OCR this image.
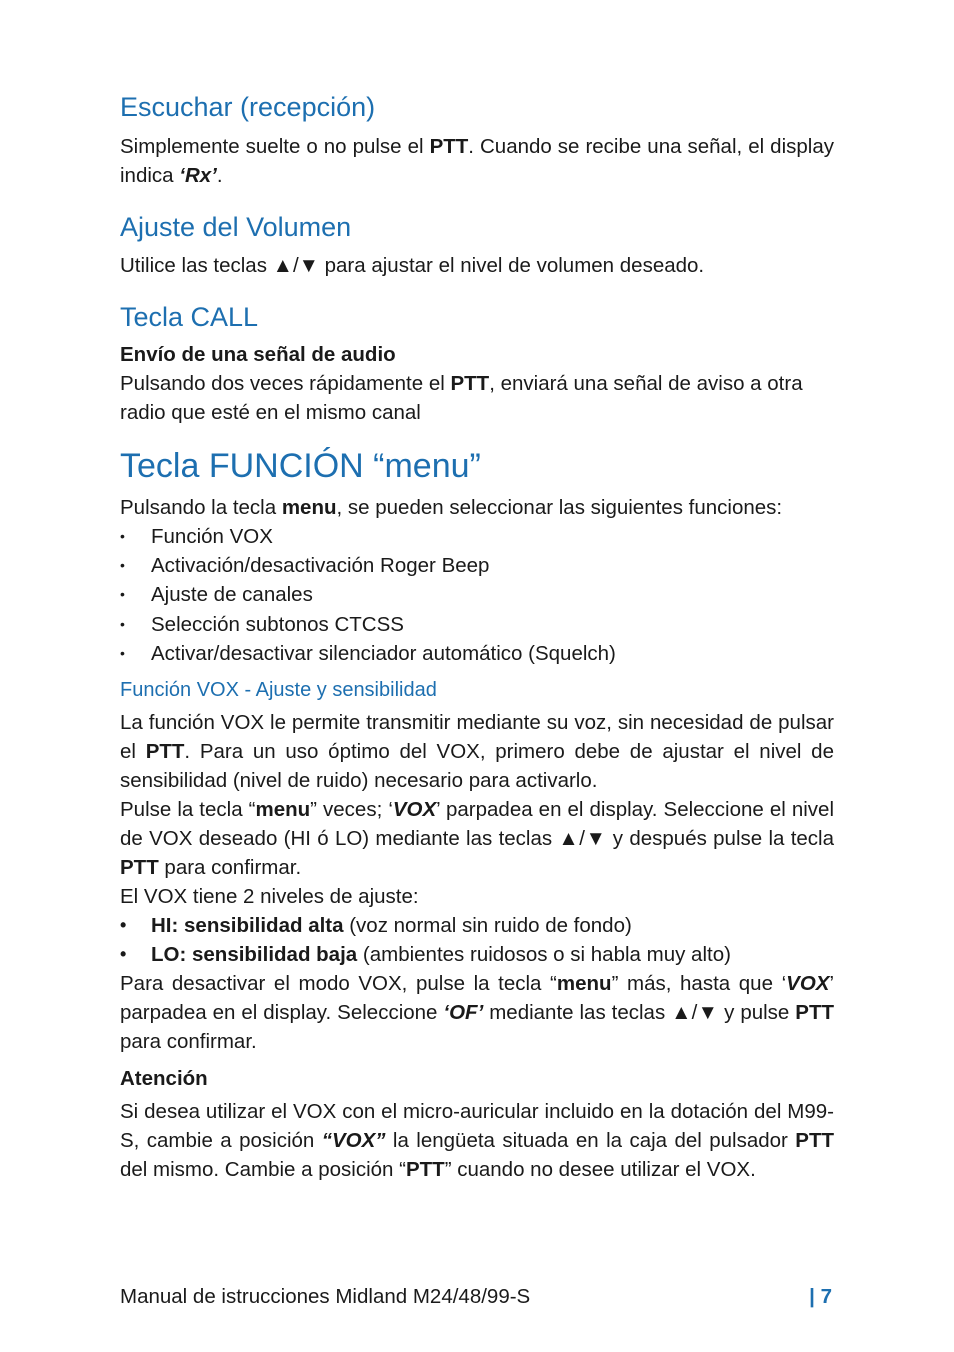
Escuchar (recepción)

Simplemente suelte o no pulse el PTT. Cuando se recibe una señal, el display indica ‘Rx’.

Ajuste del Volumen

Utilice las teclas ▲/▼ para ajustar el nivel de volumen deseado.

Tecla CALL

Envío de una señal de audio

Pulsando dos veces rápidamente el PTT, enviará una señal de aviso a otra radio que esté en el mismo canal

Tecla FUNCIÓN “menu”

Pulsando la tecla menu, se pueden seleccionar las siguientes funciones:

• Función VOX
• Activación/desactivación Roger Beep
• Ajuste de canales
• Selección subtonos CTCSS
• Activar/desactivar silenciador automático (Squelch)
Función VOX - Ajuste y sensibilidad

La función VOX le permite transmitir mediante su voz, sin necesidad de pulsar el PTT. Para un uso óptimo del VOX, primero debe de ajustar el nivel de sensibilidad (nivel de ruido) necesario para activarlo.

Pulse la tecla “menu” veces; ‘VOX’ parpadea en el display. Seleccione el nivel de VOX deseado (HI ó LO) mediante las teclas ▲/▼ y después pulse la tecla PTT para confirmar.

El VOX tiene 2 niveles de ajuste:

• HI: sensibilidad alta (voz normal sin ruido de fondo)
• LO: sensibilidad baja (ambientes ruidosos o si habla muy alto)

Para desactivar el modo VOX, pulse la tecla “menu” más, hasta que ‘VOX’ parpadea en el display. Seleccione ‘OF’ mediante las teclas ▲/▼ y pulse PTT para confirmar.

Atención

Si desea utilizar el VOX con el micro-auricular incluido en la dotación del M99-S, cambie a posición “VOX” la lengüeta situada en la caja del pulsador PTT del mismo. Cambie a posición “PTT” cuando no desee utilizar el VOX.

Manual de istrucciones Midland M24/48/99-S	| 7
